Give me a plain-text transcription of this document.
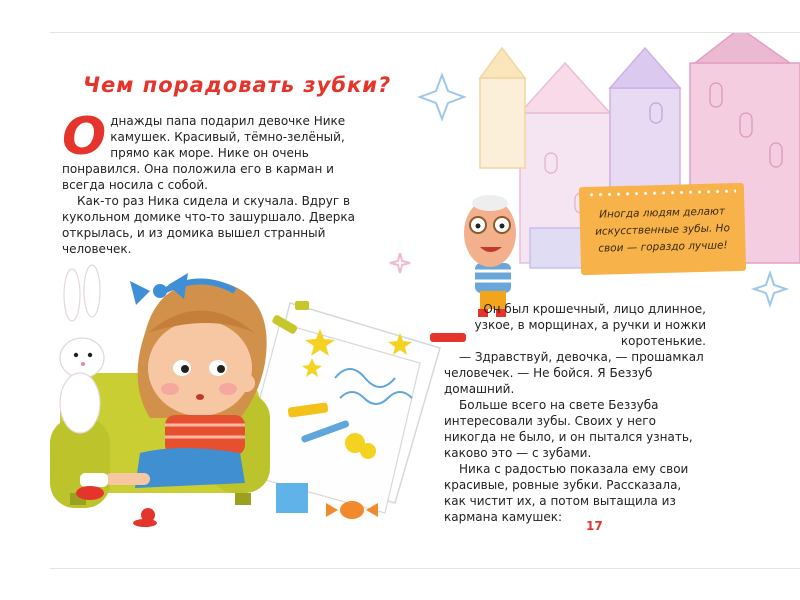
Чем порадовать зубки?

Однажды папа подарил девочке Нике камушек. Красивый, тёмно-зелёный, прямо как море. Нике он очень понравился. Она положила его в карман и всегда носила с собой.

Как-то раз Ника сидела и скучала. Вдруг в кукольном домике что-то зашуршало. Дверка открылась, и из домика вышел странный человечек.

Иногда людям делают искусственные зубы. Но свои — гораздо лучше!

Он был крошечный, лицо длинное, узкое, в морщинах, а ручки и ножки коротенькие.

— Здравствуй, девочка, — прошамкал человечек. — Не бойся. Я Беззуб домашний.

Больше всего на свете Беззуба интересовали зубы. Своих у него никогда не было, и он пытался узнать, каково это — с зубами.

Ника с радостью показала ему свои красивые, ровные зубки. Рассказала, как чистит их, а потом вытащила из кармана камушек:

17
